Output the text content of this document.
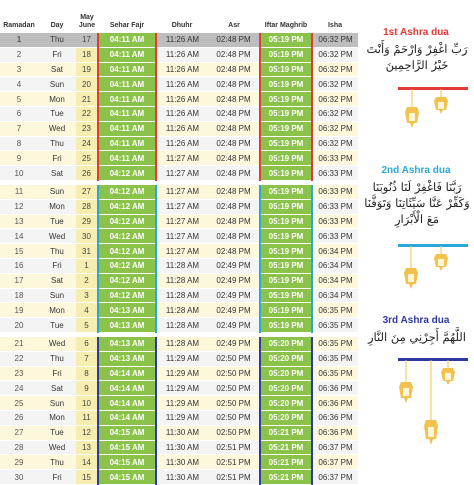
Ramadan	Day	May June	Sehar Fajr	Dhuhr	Asr	Iftar Maghrib	Isha
1	Thu	17	04:11 AM	11:26 AM	02:48 PM	05:19 PM	06:32 PM
2	Fri	18	04:11 AM	11:26 AM	02:48 PM	05:19 PM	06:32 PM
3	Sat	19	04:11 AM	11:26 AM	02:48 PM	05:19 PM	06:32 PM
4	Sun	20	04:11 AM	11:26 AM	02:48 PM	05:19 PM	06:32 PM
5	Mon	21	04:11 AM	11:26 AM	02:48 PM	05:19 PM	06:32 PM
6	Tue	22	04:11 AM	11:26 AM	02:48 PM	05:19 PM	06:32 PM
7	Wed	23	04:11 AM	11:26 AM	02:48 PM	05:19 PM	06:32 PM
8	Thu	24	04:11 AM	11:26 AM	02:48 PM	05:19 PM	06:32 PM
9	Fri	25	04:11 AM	11:27 AM	02:48 PM	05:19 PM	06:33 PM
10	Sat	26	04:12 AM	11:27 AM	02:48 PM	05:19 PM	06:33 PM

11	Sun	27	04:12 AM	11:27 AM	02:48 PM	05:19 PM	06:33 PM
12	Mon	28	04:12 AM	11:27 AM	02:48 PM	05:19 PM	06:33 PM
13	Tue	29	04:12 AM	11:27 AM	02:48 PM	05:19 PM	06:33 PM
14	Wed	30	04:12 AM	11:27 AM	02:48 PM	05:19 PM	06:33 PM
15	Thu	31	04:12 AM	11:27 AM	02:48 PM	05:19 PM	06:34 PM
16	Fri	1	04:12 AM	11:28 AM	02:49 PM	05:19 PM	06:34 PM
17	Sat	2	04:12 AM	11:28 AM	02:49 PM	05:19 PM	06:34 PM
18	Sun	3	04:12 AM	11:28 AM	02:49 PM	05:19 PM	06:34 PM
19	Mon	4	04:13 AM	11:28 AM	02:49 PM	05:19 PM	06:35 PM
20	Tue	5	04:13 AM	11:28 AM	02:49 PM	05:19 PM	06:35 PM

21	Wed	6	04:13 AM	11:28 AM	02:49 PM	05:20 PM	06:35 PM
22	Thu	7	04:13 AM	11:29 AM	02:50 PM	05:20 PM	06:35 PM
23	Fri	8	04:14 AM	11:29 AM	02:50 PM	05:20 PM	06:35 PM
24	Sat	9	04:14 AM	11:29 AM	02:50 PM	05:20 PM	06:36 PM
25	Sun	10	04:14 AM	11:29 AM	02:50 PM	05:20 PM	06:36 PM
26	Mon	11	04:14 AM	11:29 AM	02:50 PM	05:20 PM	06:36 PM
27	Tue	12	04:15 AM	11:30 AM	02:50 PM	05:21 PM	06:36 PM
28	Wed	13	04:15 AM	11:30 AM	02:51 PM	05:21 PM	06:37 PM
29	Thu	14	04:15 AM	11:30 AM	02:51 PM	05:21 PM	06:37 PM
30	Fri	15	04:15 AM	11:30 AM	02:51 PM	05:21 PM	06:37 PM
1st Ashra dua
رَبِّ اغْفِرْ وَارْحَمْ وَأَنْتَ
خَيْرُ الرَّاحِمِينَ
2nd Ashra dua
رَبَّنَا فَاغْفِرْ لَنَا ذُنُوبَنَا
وَكَفِّرْ عَنَّا سَيِّئَاتِنَا وَتَوَفَّنَا
مَعَ الْأَبْرَارِ
3rd Ashra dua
اللَّهُمَّ أَجِرْنِي مِنَ النَّارِ
